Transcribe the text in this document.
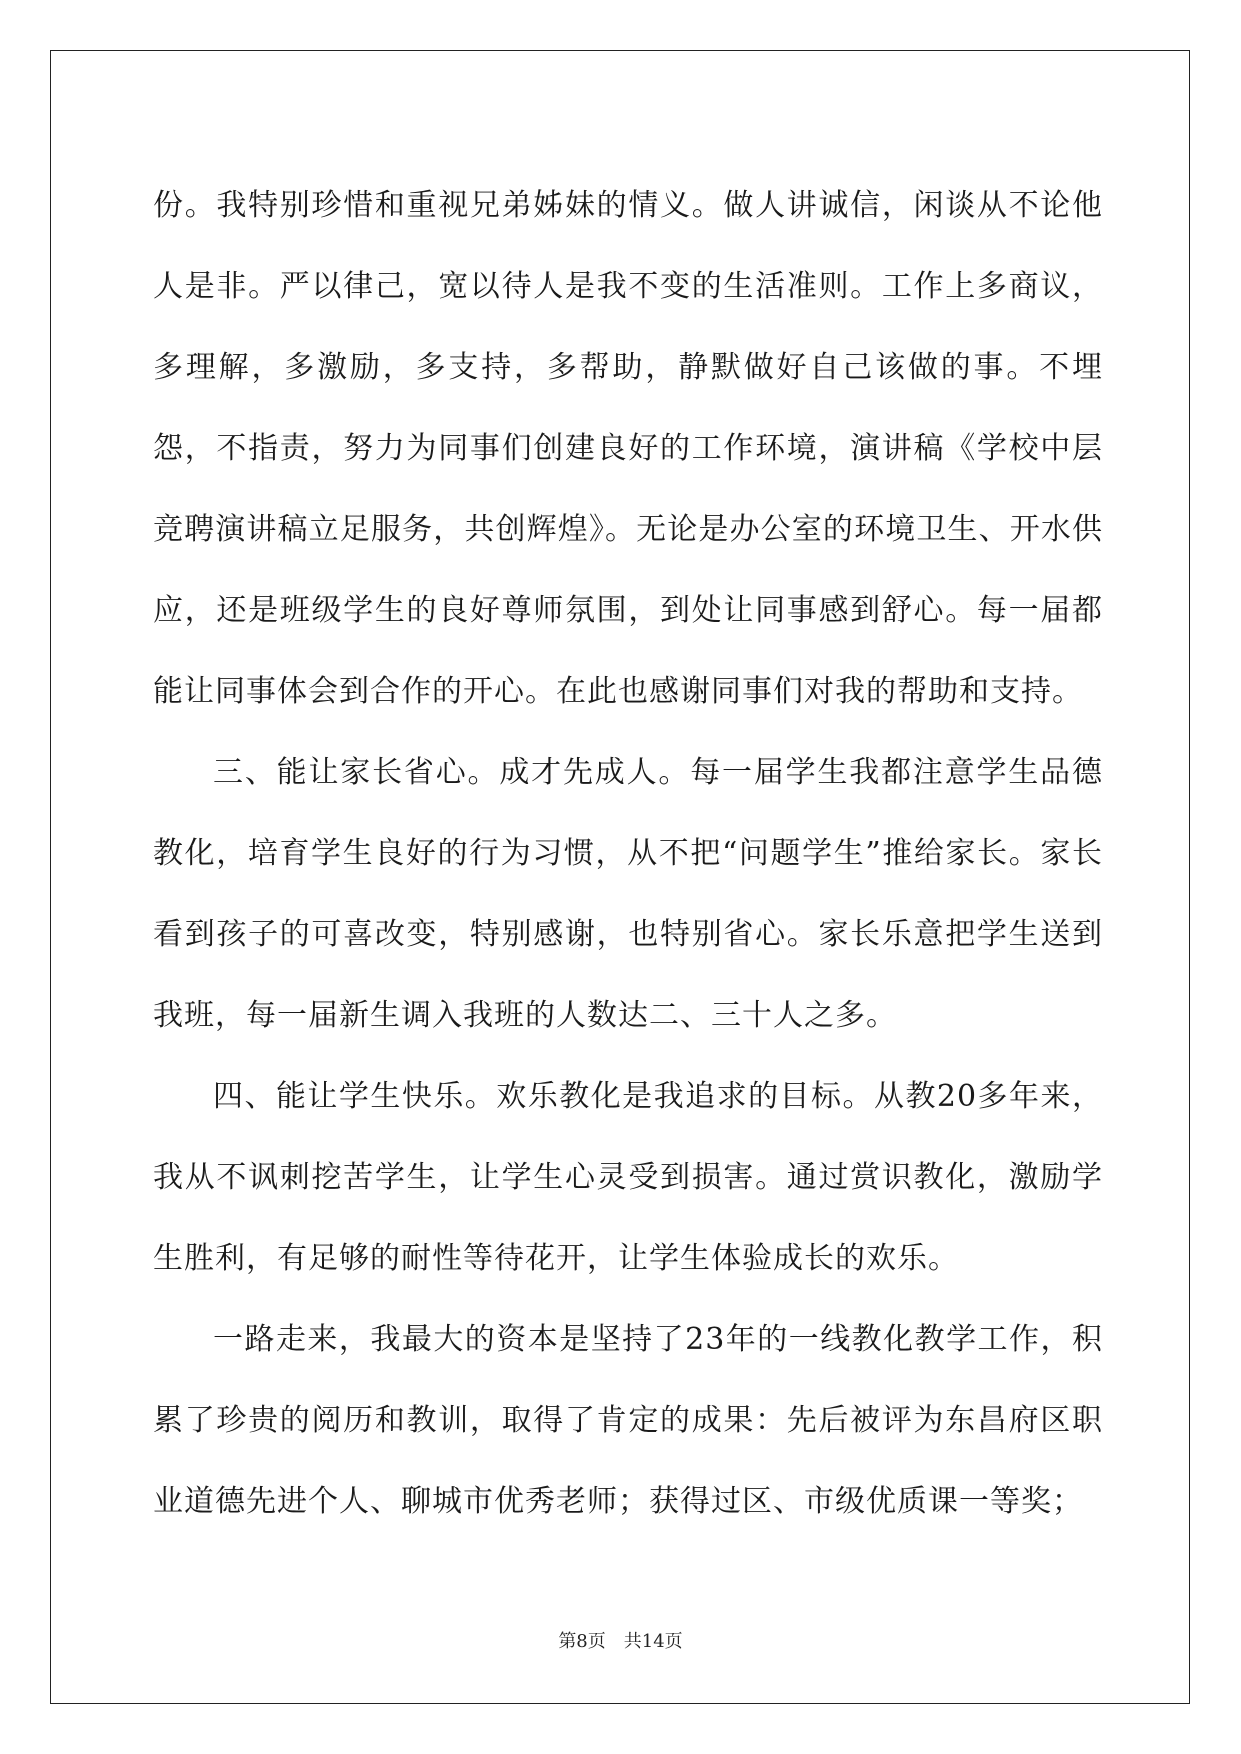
份。我特别珍惜和重视兄弟姊妹的情义。做人讲诚信，闲谈从不论他人是非。严以律己，宽以待人是我不变的生活准则。工作上多商议，多理解，多激励，多支持，多帮助，静默做好自己该做的事。不埋怨，不指责，努力为同事们创建良好的工作环境，演讲稿《学校中层竞聘演讲稿立足服务，共创辉煌》。无论是办公室的环境卫生、开水供应，还是班级学生的良好尊师氛围，到处让同事感到舒心。每一届都能让同事体会到合作的开心。在此也感谢同事们对我的帮助和支持。

三、能让家长省心。成才先成人。每一届学生我都注意学生品德教化，培育学生良好的行为习惯，从不把“问题学生”推给家长。家长看到孩子的可喜改变，特别感谢，也特别省心。家长乐意把学生送到我班，每一届新生调入我班的人数达二、三十人之多。

四、能让学生快乐。欢乐教化是我追求的目标。从教20多年来，我从不讽刺挖苦学生，让学生心灵受到损害。通过赏识教化，激励学生胜利，有足够的耐性等待花开，让学生体验成长的欢乐。

一路走来，我最大的资本是坚持了23年的一线教化教学工作，积累了珍贵的阅历和教训，取得了肯定的成果：先后被评为东昌府区职业道德先进个人、聊城市优秀老师；获得过区、市级优质课一等奖；

第8页 共14页
